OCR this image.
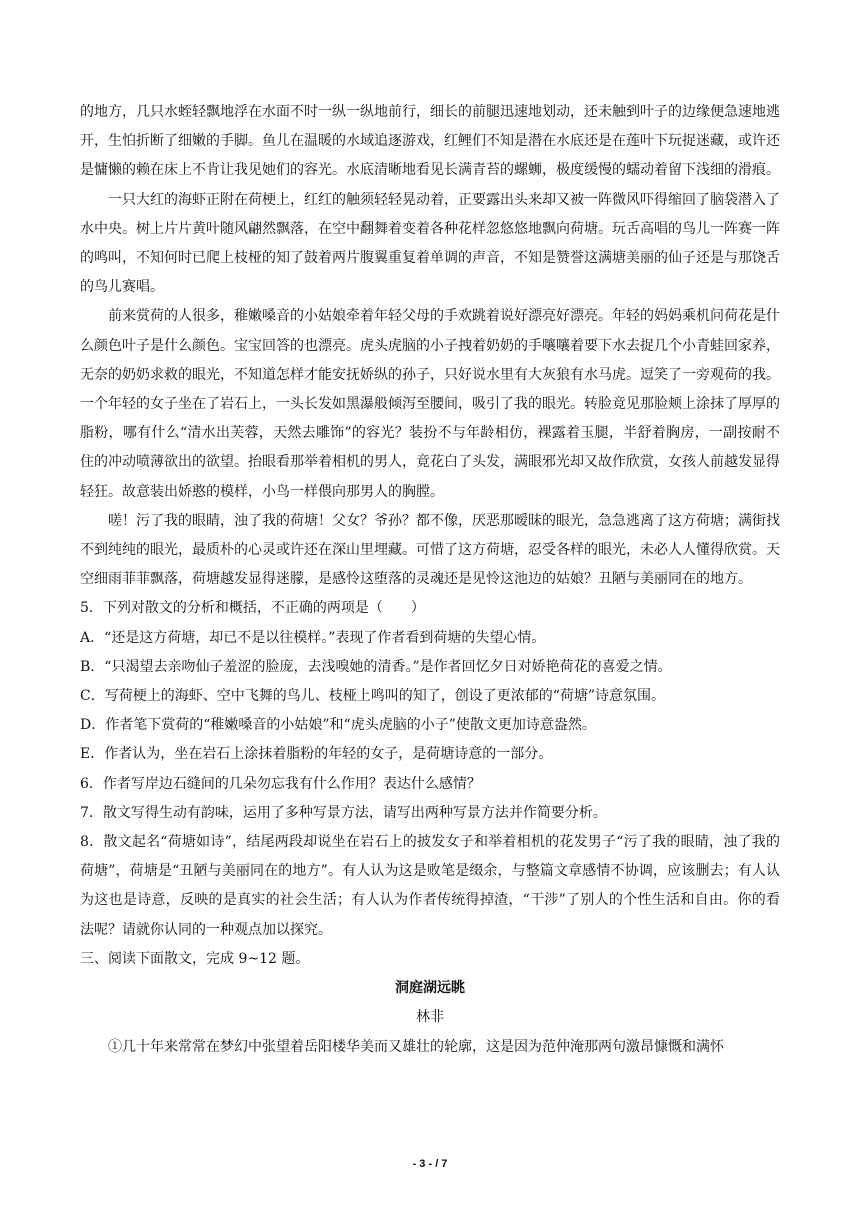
的地方，几只水蛭轻飘地浮在水面不时一纵一纵地前行，细长的前腿迅速地划动，还未触到叶子的边缘便急速地逃开，生怕折断了细嫩的手脚。鱼儿在温暖的水域追逐游戏，红鲤们不知是潜在水底还是在莲叶下玩捉迷藏，或许还是慵懒的赖在床上不肯让我见她们的容光。水底清晰地看见长满青苔的螺蛳，极度缓慢的蠕动着留下浅细的滑痕。

一只大红的海虾正附在荷梗上，红红的触须轻轻晃动着，正要露出头来却又被一阵微风吓得缩回了脑袋潜入了水中央。树上片片黄叶随风翩然飘落，在空中翻舞着变着各种花样忽悠悠地飘向荷塘。玩舌高唱的鸟儿一阵赛一阵的鸣叫，不知何时已爬上枝桠的知了鼓着两片腹翼重复着单调的声音，不知是赞誉这满塘美丽的仙子还是与那饶舌的鸟儿赛唱。

前来赏荷的人很多，稚嫩嗓音的小姑娘牵着年轻父母的手欢跳着说好漂亮好漂亮。年轻的妈妈乘机问荷花是什么颜色叶子是什么颜色。宝宝回答的也漂亮。虎头虎脑的小子拽着奶奶的手嚷嚷着要下水去捉几个小青蛙回家养，无奈的奶奶求救的眼光，不知道怎样才能安抚娇纵的孙子，只好说水里有大灰狼有水马虎。逗笑了一旁观荷的我。一个年轻的女子坐在了岩石上，一头长发如黑瀑般倾泻至腰间，吸引了我的眼光。转脸竟见那脸颊上涂抹了厚厚的脂粉，哪有什么“清水出芙蓉，天然去雕饰”的容光？装扮不与年龄相仿，裸露着玉腿，半舒着胸房，一副按耐不住的冲动喷薄欲出的欲望。抬眼看那举着相机的男人，竟花白了头发，满眼邪光却又故作欣赏，女孩人前越发显得轻狂。故意装出娇憨的模样，小鸟一样偎向那男人的胸膛。

嗟！污了我的眼睛，浊了我的荷塘！父女？爷孙？都不像，厌恶那暧昧的眼光，急急逃离了这方荷塘；满街找不到纯纯的眼光，最质朴的心灵或许还在深山里埋藏。可惜了这方荷塘，忍受各样的眼光，未必人人懂得欣赏。天空细雨菲菲飘落，荷塘越发显得迷朦，是感怜这堕落的灵魂还是见怜这池边的姑娘？丑陋与美丽同在的地方。

5．下列对散文的分析和概括，不正确的两项是（　　）

A．“还是这方荷塘，却已不是以往模样。”表现了作者看到荷塘的失望心情。

B．“只渴望去亲吻仙子羞涩的脸庞，去浅嗅她的清香。”是作者回忆夕日对娇艳荷花的喜爱之情。

C．写荷梗上的海虾、空中飞舞的鸟儿、枝桠上鸣叫的知了，创设了更浓郁的“荷塘”诗意氛围。

D．作者笔下赏荷的“稚嫩嗓音的小姑娘”和“虎头虎脑的小子”使散文更加诗意盎然。

E．作者认为，坐在岩石上涂抹着脂粉的年轻的女子，是荷塘诗意的一部分。

6．作者写岸边石缝间的几朵勿忘我有什么作用？表达什么感情？

7．散文写得生动有韵味，运用了多种写景方法，请写出两种写景方法并作简要分析。

8．散文起名“荷塘如诗”，结尾两段却说坐在岩石上的披发女子和举着相机的花发男子“污了我的眼睛，浊了我的荷塘”，荷塘是“丑陋与美丽同在的地方”。有人认为这是败笔是缀余，与整篇文章感情不协调，应该删去；有人认为这也是诗意，反映的是真实的社会生活；有人认为作者传统得掉渣，“干涉”了别人的个性生活和自由。你的看法呢？请就你认同的一种观点加以探究。

三、阅读下面散文，完成 9~12 题。

洞庭湖远眺

林非

①几十年来常常在梦幻中张望着岳阳楼华美而又雄壮的轮廓，这是因为范仲淹那两句激昂慷慨和满怀

- 3 - / 7
